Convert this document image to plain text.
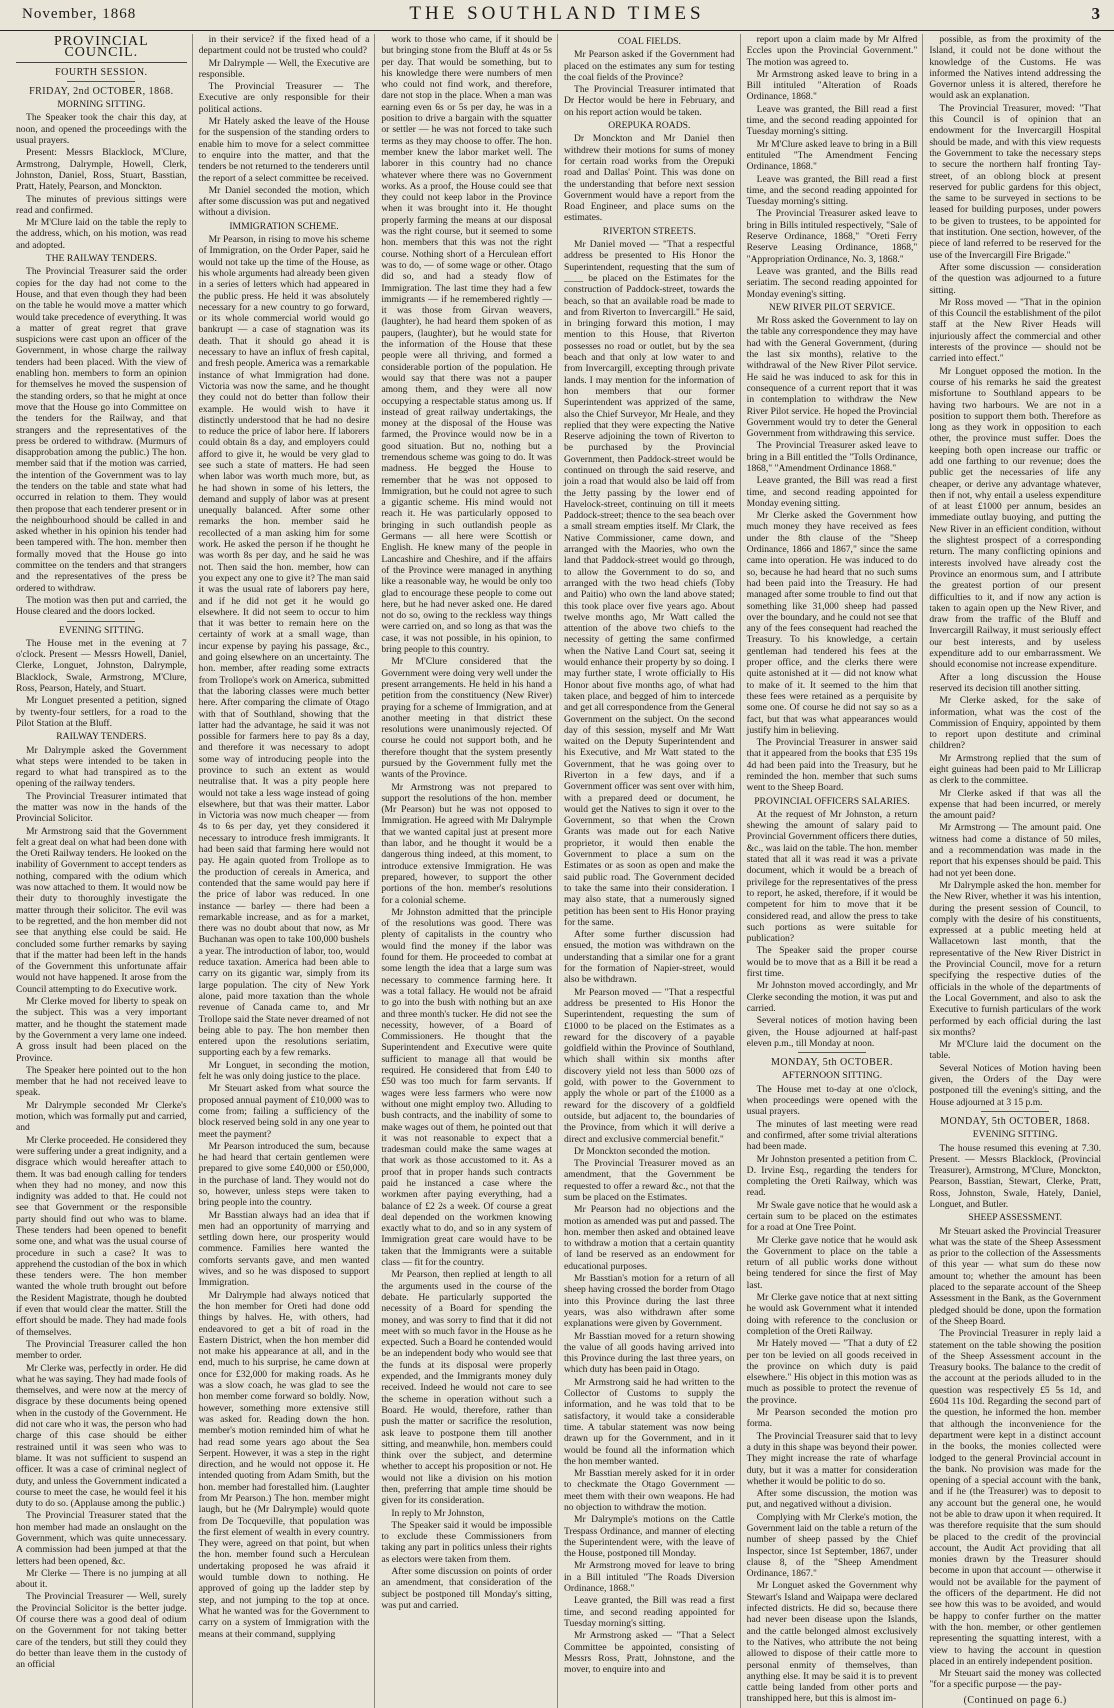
November, 1868	THE SOUTHLAND TIMES	3
PROVINCIAL COUNCIL.
FOURTH SESSION.
FRIDAY, 2nd OCTOBER, 1868.
MORNING SITTING.

The Speaker took the chair this day, at noon, and opened the proceedings with the usual prayers.

Present: Messrs Blacklock, M'Clure, Armstrong, Dalrymple, Howell, Clerk, Johnston, Daniel, Ross, Stuart, Basstian, Pratt, Hately, Pearson, and Monckton.

The minutes of previous sittings were read and confirmed.

Mr M'Clure laid on the table the reply to the address, which, on his motion, was read and adopted.

THE RAILWAY TENDERS.

The Provincial Treasurer said the order copies for the day had not come to the House, and that even though they had been on the table he would move a matter which would take precedence of everything. It was a matter of great regret that grave suspicions were cast upon an officer of the Government, in whose charge the railway tenders had been placed. With the view of enabling hon. members to form an opinion for themselves he moved the suspension of the standing orders, so that he might at once move that the House go into Committee on the tenders for the Railway, and that strangers and the representatives of the press be ordered to withdraw. (Murmurs of disapprobation among the public.) The hon. member said that if the motion was carried, the intention of the Government was to lay the tenders on the table and state what had occurred in relation to them. They would then propose that each tenderer present or in the neighbourhood should be called in and asked whether in his opinion his tender had been tampered with. The hon. member then formally moved that the House go into committee on the tenders and that strangers and the representatives of the press be ordered to withdraw.

The motion was then put and carried, the House cleared and the doors locked.

EVENING SITTING.

The House met in the evening at 7 o'clock. Present — Messrs Howell, Daniel, Clerke, Longuet, Johnston, Dalrymple, Blacklock, Swale, Armstrong, M'Clure, Ross, Pearson, Hately, and Stuart.

Mr Longuet presented a petition, signed by twenty-four settlers, for a road to the Pilot Station at the Bluff.

RAILWAY TENDERS.

Mr Dalrymple asked the Government what steps were intended to be taken in regard to what had transpired as to the opening of the railway tenders.

The Provincial Treasurer intimated that the matter was now in the hands of the Provincial Solicitor.

Mr Armstrong said that the Government felt a great deal on what had been done with the Oreti Railway tenders. He looked on the inability of Government to accept tenders as nothing, compared with the odium which was now attached to them. It would now be their duty to thoroughly investigate the matter through their solicitor. The evil was to be regretted, and the hon member did not see that anything else could be said. He concluded some further remarks by saying that if the matter had been left in the hands of the Government this unfortunate affair would not have happened. It arose from the Council attempting to do Executive work.

Mr Clerke moved for liberty to speak on the subject. This was a very important matter, and he thought the statement made by the Government a very lame one indeed. A gross insult had been placed on the Province.

The Speaker here pointed out to the hon member that he had not received leave to speak.

Mr Dalrymple seconded Mr Clerke's motion, which was formally put and carried, and

Mr Clerke proceeded. He considered they were suffering under a great indignity, and a disgrace which would hereafter attach to them. It was bad enough calling for tenders when they had no money, and now this indignity was added to that. He could not see that Government or the responsible party should find out who was to blame. These tenders had been opened to benefit some one, and what was the usual course of procedure in such a case? It was to apprehend the custodian of the box in which these tenders were. The hon member wanted the whole truth brought out before the Resident Magistrate, though he doubted if even that would clear the matter. Still the effort should be made. They had made fools of themselves.

The Provincial Treasurer called the hon member to order.

Mr Clerke was, perfectly in order. He did what he was saying. They had made fools of themselves, and were now at the mercy of disgrace by these documents being opened when in the custody of the Government. He did not care who it was, the person who had charge of this case should be either restrained until it was seen who was to blame. It was not sufficient to suspend an officer. It was a case of criminal neglect of duty, and unless the Government indicated a course to meet the case, he would feel it his duty to do so. (Applause among the public.)

The Provincial Treasurer stated that the hon member had made an onslaught on the Government, which was quite unnecessary. A commission had been jumped at that the letters had been opened, &c.

Mr Clerke — There is no jumping at all about it.

The Provincial Treasurer — Well, surely the Provincial Solicitor is the better judge. Of course there was a good deal of odium on the Government for not taking better care of the tenders, but still they could they do better than leave them in the custody of an official

in their service? if the fixed head of a department could not be trusted who could?

Mr Dalrymple — Well, the Executive are responsible.

The Provincial Treasurer — The Executive are only responsible for their political actions.

Mr Hately asked the leave of the House for the suspension of the standing orders to enable him to move for a select committee to enquire into the matter, and that the tenders be not returned to the tenderers until the report of a select committee be received.

Mr Daniel seconded the motion, which after some discussion was put and negatived without a division.

IMMIGRATION SCHEME.

Mr Pearson, in rising to move his scheme of Immigration, on the Order Paper, said he would not take up the time of the House, as his whole arguments had already been given in a series of letters which had appeared in the public press. He held it was absolutely necessary for a new country to go forward, or its whole commercial world would go bankrupt — a case of stagnation was its death. That it should go ahead it is necessary to have an influx of fresh capital, and fresh people. America was a remarkable instance of what Immigration had done. Victoria was now the same, and he thought they could not do better than follow their example. He would wish to have it distinctly understood that he had no desire to reduce the price of labor here. If laborers could obtain 8s a day, and employers could afford to give it, he would be very glad to see such a state of matters. He had seen when labor was worth much more, but, as he had shown in some of his letters, the demand and supply of labor was at present unequally balanced. After some other remarks the hon. member said he recollected of a man asking him for some work. He asked the person if he thought he was worth 8s per day, and he said he was not. Then said the hon. member, how can you expect any one to give it? The man said it was the usual rate of laborers pay here, and if he did not get it he would go elsewhere. It did not seem to occur to him that it was better to remain here on the certainty of work at a small wage, than incur expense by paying his passage, &c., and going elsewhere on an uncertainty. The hon. member, after reading some extracts from Trollope's work on America, submitted that the laboring classes were much better here. After comparing the climate of Otago with that of Southland, showing that the latter had the advantage, he said it was not possible for farmers here to pay 8s a day, and therefore it was necessary to adopt some way of introducing people into the province to such an extent as would neutralise that. It was a pity people here would not take a less wage instead of going elsewhere, but that was their matter. Labor in Victoria was now much cheaper — from 4s to 6s per day, yet they considered it necessary to introduce fresh immigrants. It had been said that farming here would not pay. He again quoted from Trollope as to the production of cereals in America, and contended that the same would pay here if the price of labor was reduced. In one instance — barley — there had been a remarkable increase, and as for a market, there was no doubt about that now, as Mr Buchanan was open to take 100,000 bushels a year. The introduction of labor, too, would reduce taxation. America had been able to carry on its gigantic war, simply from its large population. The city of New York alone, paid more taxation than the whole revenue of Canada came to, and Mr Trollope said the State never dreamed of not being able to pay. The hon member then entered upon the resolutions seriatim, supporting each by a few remarks.

Mr Longuet, in seconding the motion, felt he was only doing justice to the place.

Mr Steuart asked from what source the proposed annual payment of £10,000 was to come from; failing a sufficiency of the block reserved being sold in any one year to meet the payment?

Mr Pearson introduced the sum, because he had heard that certain gentlemen were prepared to give some £40,000 or £50,000, in the purchase of land. They would not do so, however, unless steps were taken to bring people into the country.

Mr Basstian always had an idea that if men had an opportunity of marrying and settling down here, our prosperity would commence. Families here wanted the comforts servants gave, and men wanted wives, and so he was disposed to support Immigration.

Mr Dalrymple had always noticed that the hon member for Oreti had done odd things by halves. He, with others, had endeavored to get a bit of road in the Eastern District, when the hon member did not make his appearance at all, and in the end, much to his surprise, he came down at once for £32,000 for making roads. As he was a slow coach, he was glad to see the hon member come forward so boldly. Now, however, something more extensive still was asked for. Reading down the hon. member's motion reminded him of what he had read some years ago about the Sea Serpent. However, it was a step in the right direction, and he would not oppose it. He intended quoting from Adam Smith, but the hon. member had forestalled him. (Laughter from Mr Pearson.) The hon. member might laugh, but he (Mr Dalrymple) would quote from De Tocqueville, that population was the first element of wealth in every country. They were, agreed on that point, but when the hon. member found such a Herculean undertaking proposed he was afraid it would tumble down to nothing. He approved of going up the ladder step by step, and not jumping to the top at once. What he wanted was for the Government to carry on a system of Immigration with the means at their command, supplying

work to those who came, if it should be but bringing stone from the Bluff at 4s or 5s per day. That would be something, but to his knowledge there were numbers of men who could not find work, and therefore, dare not stop in the place. When a man was earning even 6s or 5s per day, he was in a position to drive a bargain with the squatter or settler — he was not forced to take such terms as they may choose to offer. The hon. member knew the labor market well. The laborer in this country had no chance whatever where there was no Government works. As a proof, the House could see that they could not keep labor in the Province when it was brought into it. He thought properly farming the means at our disposal was the right course, but it seemed to some hon. members that this was not the right course. Nothing short of a Herculean effort was to do, — of some wage or other. Otago did so, and had a steady flow of Immigration. The last time they had a few immigrants — if he remembered rightly — it was those from Girvan weavers, (laughter), he had heard them spoken of as paupers, (laughter), but he would state for the information of the House that these people were all thriving, and formed a considerable portion of the population. He would say that there was not a pauper among them, and they were all now occupying a respectable status among us. If instead of great railway undertakings, the money at the disposal of the House was farmed, the Province would now be in a good situation. But no, nothing but a tremendous scheme was going to do. It was madness. He begged the House to remember that he was not opposed to Immigration, but he could not agree to such a gigantic scheme. His mind would not reach it. He was particularly opposed to bringing in such outlandish people as Germans — all here were Scottish or English. He knew many of the people in Lancashire and Cheshire, and if the affairs of the Province were managed in anything like a reasonable way, he would be only too glad to encourage these people to come out here, but he had never asked one. He dared not do so, owing to the reckless way things were carried on, and so long as that was the case, it was not possible, in his opinion, to bring people to this country.

Mr M'Clure considered that the Government were doing very well under the present arrangements. He held in his hand a petition from the constituency (New River) praying for a scheme of Immigration, and at another meeting in that district these resolutions were unanimously rejected. Of course he could not support both, and he therefore thought that the system presently pursued by the Government fully met the wants of the Province.

Mr Armstrong was not prepared to support the resolutions of the hon. member (Mr Pearson) but he was not opposed to Immigration. He agreed with Mr Dalrymple that we wanted capital just at present more than labor, and he thought it would be a dangerous thing indeed, at this moment, to introduce extensive Immigration. He was prepared, however, to support the other portions of the hon. member's resolutions for a colonial scheme.

Mr Johnston admitted that the principle of the resolutions was good. There was plenty of capitalists in the country who would find the money if the labor was found for them. He proceeded to combat at some length the idea that a large sum was necessary to commence farming here. It was a total fallacy. He would not be afraid to go into the bush with nothing but an axe and three month's tucker. He did not see the necessity, however, of a Board of Commissioners. He thought that the Superintendent and Executive were quite sufficient to manage all that would be required. He considered that from £40 to £50 was too much for farm servants. If wages were less farmers who were now without one might employ two. Alluding to bush contracts, and the inability of some to make wages out of them, he pointed out that it was not reasonable to expect that a tradesman could make the same wages at that work as those accustomed to it. As a proof that in proper hands such contracts paid he instanced a case where the workmen after paying everything, had a balance of £2 2s a week. Of course a great deal depended on the workmen knowing exactly what to do, and so in any system of Immigration great care would have to be taken that the Immigrants were a suitable class — fit for the country.

Mr Pearson, then replied at length to all the arguments used in the course of the debate. He particularly supported the necessity of a Board for spending the money, and was sorry to find that it did not meet with so much favor in the House as he expected. Such a Board he contended would be an independent body who would see that the funds at its disposal were properly expended, and the Immigrants money duly received. Indeed he would not care to see the scheme in operation without such a Board. He would, therefore, rather than push the matter or sacrifice the resolution, ask leave to postpone them till another sitting, and meanwhile, hon. members could think over the subject, and determine whether to accept his proposition or not. He would not like a division on his motion then, preferring that ample time should be given for its consideration.

In reply to Mr Johnston,

The Speaker said it would be impossible to exclude these Commissioners from taking any part in politics unless their rights as electors were taken from them.

After some discussion on points of order an amendment, that consideration of the subject be postponed till Monday's sitting, was put and carried.

COAL FIELDS.

Mr Pearson asked if the Government had placed on the estimates any sum for testing the coal fields of the Province?

The Provincial Treasurer intimated that Dr Hector would be here in February, and on his report action would be taken.

OREPUKA ROADS.

Dr Monckton and Mr Daniel then withdrew their motions for sums of money for certain road works from the Orepuki road and Dallas' Point. This was done on the understanding that before next session Government would have a report from the Road Engineer, and place sums on the estimates.

RIVERTON STREETS.

Mr Daniel moved — "That a respectful address be presented to His Honor the Superintendent, requesting that the sum of ____ be placed on the Estimates for the construction of Paddock-street, towards the beach, so that an available road be made to and from Riverton to Invercargill." He said, in bringing forward this motion, I may mention to this House, that Riverton possesses no road or outlet, but by the sea beach and that only at low water to and from Invercargill, excepting through private lands. I may mention for the information of hon members that our former Superintendent was apprized of the same, also the Chief Surveyor, Mr Heale, and they replied that they were expecting the Native Reserve adjoining the town of Riverton to be purchased by the Provincial Government, then Paddock-street would be continued on through the said reserve, and join a road that would also be laid off from the Jetty passing by the lower end of Havelock-street, continuing on till it meets Paddock-street; thence to the sea beach over a small stream empties itself. Mr Clark, the Native Commissioner, came down, and arranged with the Maories, who own the land that Paddock-street would go through, to allow the Government to do so, and arranged with the two head chiefs (Toby and Paitio) who own the land above stated; this took place over five years ago. About twelve months ago, Mr Watt called the attention of the above two chiefs to the necessity of getting the same confirmed when the Native Land Court sat, seeing it would enhance their property by so doing. I may further state, I wrote officially to His Honor about five months ago, of what had taken place, and begged of him to intercede and get all correspondence from the General Government on the subject. On the second day of this session, myself and Mr Watt waited on the Deputy Superintendent and his Executive, and Mr Watt stated to the Government, that he was going over to Riverton in a few days, and if a Government officer was sent over with him, with a prepared deed or document, he would get the Natives to sign it over to the Government, so that when the Crown Grants was made out for each Native proprietor, it would then enable the Government to place a sum on the Estimates or as soon as open and make the said public road. The Government decided to take the same into their consideration. I may also state, that a numerously signed petition has been sent to His Honor praying for the same.

After some further discussion had ensued, the motion was withdrawn on the understanding that a similar one for a grant for the formation of Napier-street, would also be withdrawn.

Mr Pearson moved — "That a respectful address be presented to His Honor the Superintendent, requesting the sum of £1000 to be placed on the Estimates as a reward for the discovery of a payable goldfield within the Province of Southland, which shall within six months after discovery yield not less than 5000 ozs of gold, with power to the Government to apply the whole or part of the £1000 as a reward for the discovery of a goldfield outside, but adjacent to, the boundaries of the Province, from which it will derive a direct and exclusive commercial benefit."

Dr Monckton seconded the motion.

The Provincial Treasurer moved as an amendment, that the Government be requested to offer a reward &c., not that the sum be placed on the Estimates.

Mr Pearson had no objections and the motion as amended was put and passed. The hon. member then asked and obtained leave to withdraw a motion that a certain quantity of land be reserved as an endowment for educational purposes.

Mr Basstian's motion for a return of all sheep having crossed the border from Otago into this Province during the last three years, was also withdrawn after some explanations were given by Government.

Mr Basstian moved for a return showing the value of all goods having arrived into this Province during the last three years, on which duty has been paid in Otago.

Mr Armstrong said he had written to the Collector of Customs to supply the information, and he was told that to be satisfactory, it would take a considerable time. A tabular statement was now being drawn up for the Government, and in it would be found all the information which the hon member wanted.

Mr Basstian merely asked for it in order to checkmate the Otago Government — meet them with their own weapons. He had no objection to withdraw the motion.

Mr Dalrymple's motions on the Cattle Trespass Ordinance, and manner of electing the Superintendent were, with the leave of the House, postponed till Monday.

Mr Armstrong moved for leave to bring in a Bill intituled "The Roads Diversion Ordinance, 1868."

Leave granted, the Bill was read a first time, and second reading appointed for Tuesday morning's sitting.

Mr Armstrong asked — "That a Select Committee be appointed, consisting of Messrs Ross, Pratt, Johnstone, and the mover, to enquire into and

report upon a claim made by Mr Alfred Eccles upon the Provincial Government." The motion was agreed to.

Mr Armstrong asked leave to bring in a Bill intituled "Alteration of Roads Ordinance, 1868."

Leave was granted, the Bill read a first time, and the second reading appointed for Tuesday morning's sitting.

Mr M'Clure asked leave to bring in a Bill entituled "The Amendment Fencing Ordinance, 1868."

Leave was granted, the Bill read a first time, and the second reading appointed for Tuesday morning's sitting.

The Provincial Treasurer asked leave to bring in Bills intituled respectively, "Sale of Reserve Ordinance, 1868," "Oreti Ferry Reserve Leasing Ordinance, 1868," "Appropriation Ordinance, No. 3, 1868."

Leave was granted, and the Bills read seriatim. The second reading appointed for Monday evening's sitting.

NEW RIVER PILOT SERVICE.

Mr Ross asked the Government to lay on the table any correspondence they may have had with the General Government, (during the last six months), relative to the withdrawal of the New River Pilot service. He said he was induced to ask for this in consequence of a current report that it was in contemplation to withdraw the New River Pilot service. He hoped the Provincial Government would try to deter the General Government from withdrawing this service.

The Provincial Treasurer asked leave to bring in a Bill entitled the "Tolls Ordinance, 1868," "Amendment Ordinance 1868."

Leave granted, the Bill was read a first time, and second reading appointed for Monday evening sitting.

Mr Clerke asked the Government how much money they have received as fees under the 8th clause of the "Sheep Ordinance, 1866 and 1867," since the same came into operation. He was induced to do so, because he had heard that no such sums had been paid into the Treasury. He had managed after some trouble to find out that something like 31,000 sheep had passed over the boundary, and he could not see that any of the fees consequent had reached the Treasury. To his knowledge, a certain gentleman had tendered his fees at the proper office, and the clerks there were quite astonished at it — did not know what to make of it. It seemed to the him that these fees were retained as a perquisite by some one. Of course he did not say so as a fact, but that was what appearances would justify him in believing.

The Provincial Treasurer in answer said that it appeared from the books that £35 19s 4d had been paid into the Treasury, but he reminded the hon. member that such sums went to the Sheep Board.

PROVINCIAL OFFICERS SALARIES.

At the request of Mr Johnston, a return shewing the amount of salary paid to Provincial Government officers there duties, &c., was laid on the table. The hon. member stated that all it was read it was a private document, which it would be a breach of privilege for the representatives of the press to report, he asked, therefore, if it would be competent for him to move that it be considered read, and allow the press to take such portions as were suitable for publication?

The Speaker said the proper course would be to move that as a Bill it be read a first time.

Mr Johnston moved accordingly, and Mr Clerke seconding the motion, it was put and carried.

Several notices of motion having been given, the House adjourned at half-past eleven p.m., till Monday at noon.

MONDAY, 5th OCTOBER.
AFTERNOON SITTING.

The House met to-day at one o'clock, when proceedings were opened with the usual prayers.

The minutes of last meeting were read and confirmed, after some trivial alterations had been made.

Mr Johnston presented a petition from C. D. Irvine Esq., regarding the tenders for completing the Oreti Railway, which was read.

Mr Swale gave notice that he would ask a certain sum to be placed on the estimates for a road at One Tree Point.

Mr Clerke gave notice that he would ask the Government to place on the table a return of all public works done without being tendered for since the first of May last.

Mr Clerke gave notice that at next sitting he would ask Government what it intended doing with reference to the conclusion or completion of the Oreti Railway.

Mr Hately moved — "That a duty of £2 per ton be levied on all goods received in the province on which duty is paid elsewhere." His object in this motion was as much as possible to protect the revenue of the province.

Mr Pearson seconded the motion pro forma.

The Provincial Treasurer said that to levy a duty in this shape was beyond their power. They might increase the rate of wharfage duty, but it was a matter for consideration whether it would be politic to do so.

After some discussion, the motion was put, and negatived without a division.

Complying with Mr Clerke's motion, the Government laid on the table a return of the number of sheep passed by the Chief Inspector, since 1st September, 1867, under clause 8, of the "Sheep Amendment Ordinance, 1867."

Mr Longuet asked the Government why Stewart's Island and Waipapa were declared infected districts. He did so, because there had never been disease upon the Islands, and the cattle belonged almost exclusively to the Natives, who attribute the not being allowed to dispose of their cattle more to personal enmity of themselves, than anything else. It may be said it is to prevent cattle being landed from other ports and transhipped here, but this is almost im-

possible, as from the proximity of the Island, it could not be done without the knowledge of the Customs. He was informed the Natives intend addressing the Governor unless it is altered, therefore he would ask an explanation.

The Provincial Treasurer, moved: "That this Council is of opinion that an endowment for the Invercargill Hospital should be made, and with this view requests the Government to take the necessary steps to secure the northern half fronting Tay-street, of an oblong block at present reserved for public gardens for this object, the same to be surveyed in sections to be leased for building purposes, under powers to be given to trustees, to be appointed for that institution. One section, however, of the piece of land referred to be reserved for the use of the Invercargill Fire Brigade."

After some discussion — consideration of the question was adjourned to a future sitting.

Mr Ross moved — "That in the opinion of this Council the establishment of the pilot staff at the New River Heads will injuriously affect the commercial and other interests of the province — should not be carried into effect."

Mr Longuet opposed the motion. In the course of his remarks he said the greatest misfortune to Southland appears to be having two harbours. We are not in a position to support them both. Therefore as long as they work in opposition to each other, the province must suffer. Does the keeping both open increase our traffic or add one farthing to our revenue; does the public get the necessaries of life any cheaper, or derive any advantage whatever, then if not, why entail a useless expenditure of at least £1000 per annum, besides an immediate outlay buoying, and putting the New River in an efficient condition, without the slightest prospect of a corresponding return. The many conflicting opinions and interests involved have already cost the Province an enormous sum, and I attribute the greatest portion of our present difficulties to it, and if now any action is taken to again open up the New River, and draw from the traffic of the Bluff and Invercargill Railway, it must seriously effect our best interests, and by useless expenditure add to our embarrassment. We should economise not increase expenditure.

After a long discussion the House reserved its decision till another sitting.

Mr Clerke asked, for the sake of information, what was the cost of the Commission of Enquiry, appointed by them to report upon destitute and criminal children?

Mr Armstrong replied that the sum of eight guineas had been paid to Mr Lillicrap as clerk to the committee.

Mr Clerke asked if that was all the expense that had been incurred, or merely the amount paid?

Mr Armstrong — The amount paid. One witness had come a distance of 50 miles, and a recommendation was made in the report that his expenses should be paid. This had not yet been done.

Mr Dalrymple asked the hon. member for the New River, whether it was his intention, during the present session of Council, to comply with the desire of his constituents, expressed at a public meeting held at Wallacetown last month, that the representative of the New River District in the Provincial Council, move for a return specifying the respective duties of the officials in the whole of the departments of the Local Government, and also to ask the Executive to furnish particulars of the work performed by each official during the last six months?

Mr M'Clure laid the document on the table.

Several Notices of Motion having been given, the Orders of the Day were postponed till the evening's sitting, and the House adjourned at 3 15 p.m.

MONDAY, 5th OCTOBER, 1868.
EVENING SITTING.

The house resumed this evening at 7.30. Present. — Messrs Blacklock, (Provincial Treasurer), Armstrong, M'Clure, Monckton, Pearson, Basstian, Stewart, Clerke, Pratt, Ross, Johnston, Swale, Hately, Daniel, Longuet, and Butler.

SHEEP ASSESSMENT.

Mr Steuart asked the Provincial Treasurer what was the state of the Sheep Assessment as prior to the collection of the Assessments of this year — what sum do these now amount to; whether the amount has been placed to the separate account of the Sheep Assessment in the Bank, as the Government pledged should be done, upon the formation of the Sheep Board.

The Provincial Treasurer in reply laid a statement on the table showing the position of the Sheep Assessment account in the Treasury books. The balance to the credit of the account at the periods alluded to in the question was respectively £5 5s 1d, and £604 11s 10d. Regarding the second part of the question, he informed the hon. member that although the inconvenience for the department were kept in a distinct account in the books, the monies collected were lodged to the general Provincial account in the bank. No provision was made for the opening of a special account with the bank, and if he (the Treasurer) was to deposit to any account but the general one, he would not be able to draw upon it when required. It was therefore requisite that the sum should be placed to the credit of the provincial account, the Audit Act providing that all monies drawn by the Treasurer should become in upon that account — otherwise it would not be available for the payment of the officers of the department. He did not see how this was to be avoided, and would be happy to confer further on the matter with the hon. member, or other gentlemen representing the squatting interest, with a view to having the account in question placed in an entirely independent position.

Mr Steuart said the money was collected "for a specific purpose — the pay-

(Continued on page 6.)
